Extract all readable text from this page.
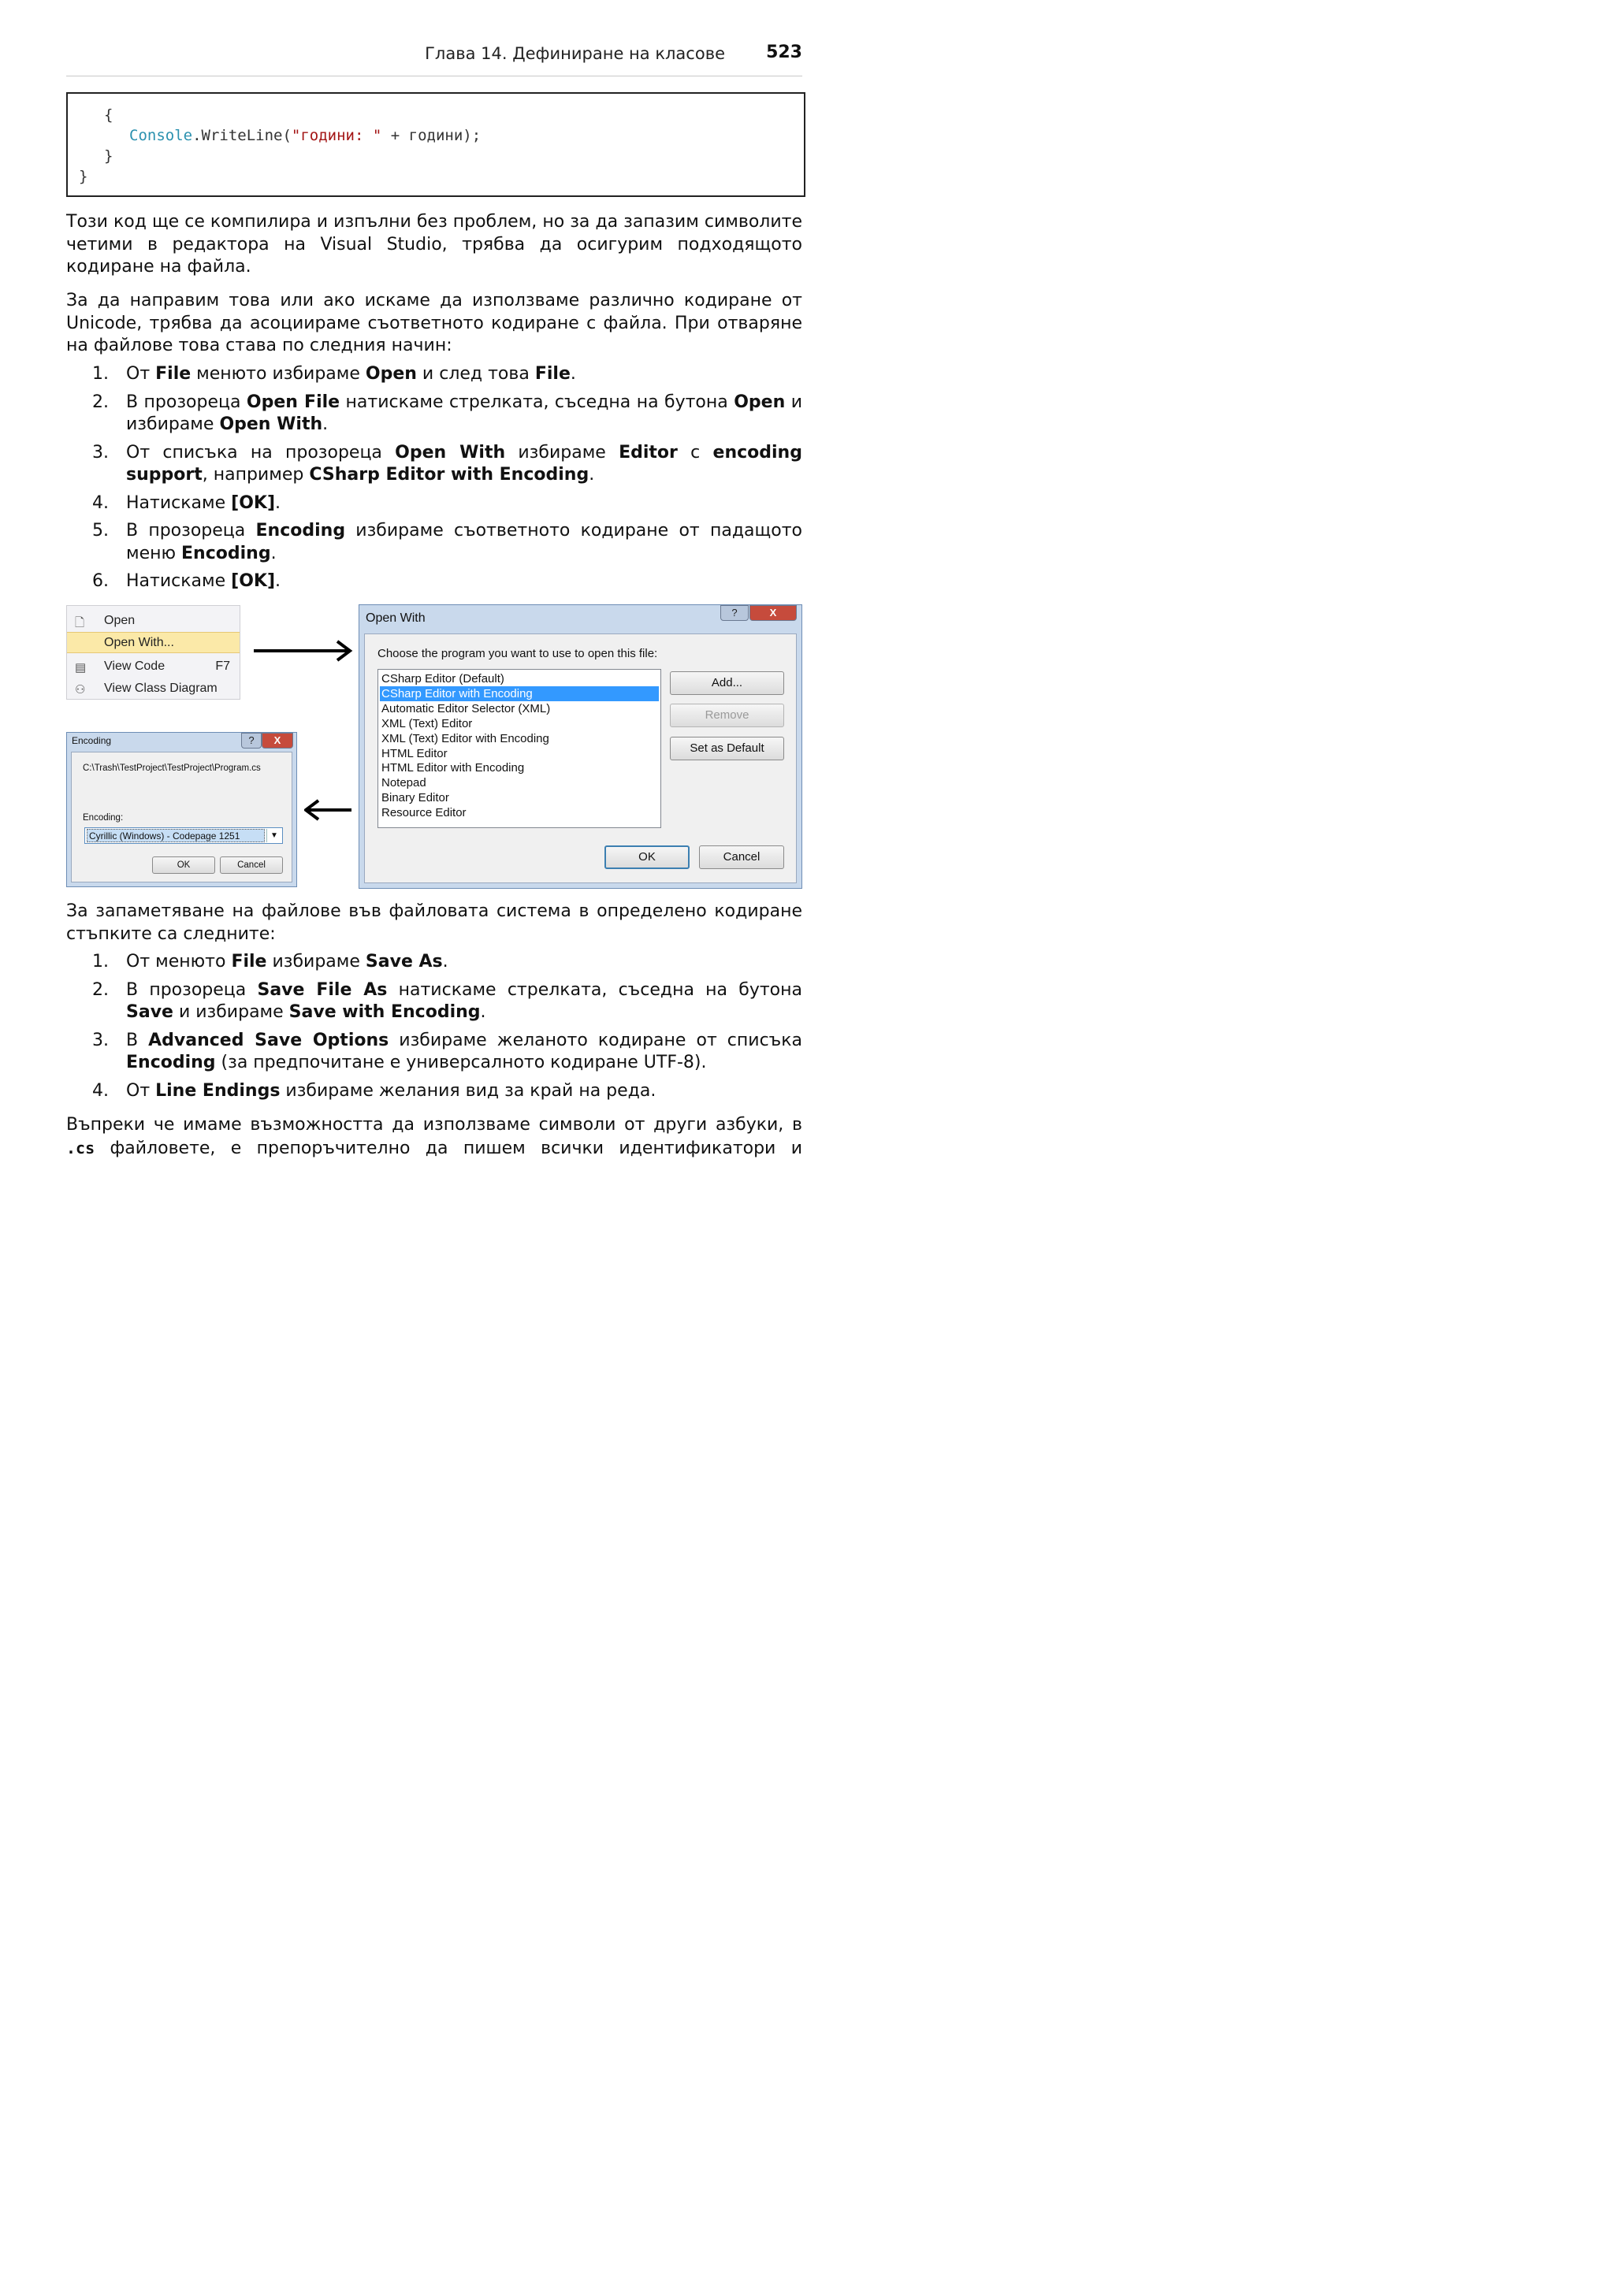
Глава 14. Дефиниране на класове 523
{
Console.WriteLine("години: " + години);
}
}
Този код ще се компилира и изпълни без проблем, но за да запазим символите четими в редактора на Visual Studio, трябва да осигурим подходящото кодиране на файла.
За да направим това или ако искаме да използваме различно кодиране от Unicode, трябва да асоциираме съответното кодиране с файла. При отваряне на файлове това става по следния начин:
1. От File менюто избираме Open и след това File.
2. В прозореца Open File натискаме стрелката, съседна на бутона Open и избираме Open With.
3. От списъка на прозореца Open With избираме Editor с encoding support, например CSharp Editor with Encoding.
4. Натискаме [OK].
5. В прозореца Encoding избираме съответното кодиране от падащото меню Encoding.
6. Натискаме [OK].
🗋 Open
Open With...
▤ View Code	F7
⚇ View Class Diagram
Open With	?	X
Choose the program you want to use to open this file:
CSharp Editor (Default)
CSharp Editor with Encoding
Automatic Editor Selector (XML)
XML (Text) Editor
XML (Text) Editor with Encoding
HTML Editor
HTML Editor with Encoding
Notepad
Binary Editor
Resource Editor
Add...
Remove
Set as Default
OK	Cancel
Encoding	?	X
C:\Trash\TestProject\TestProject\Program.cs
Encoding:
Cyrillic (Windows) - Codepage 1251	▼
OK	Cancel
За запаметяване на файлове във файловата система в определено кодиране стъпките са следните:
1. От менюто File избираме Save As.
2. В прозореца Save File As натискаме стрелката, съседна на бутона Save и избираме Save with Encoding.
3. В Advanced Save Options избираме желаното кодиране от списъка Encoding (за предпочитане е универсалното кодиране UTF-8).
4. От Line Endings избираме желания вид за край на реда.
Въпреки че имаме възможността да използваме символи от други азбуки, в .cs файловете, е препоръчително да пишем всички идентификатори и
